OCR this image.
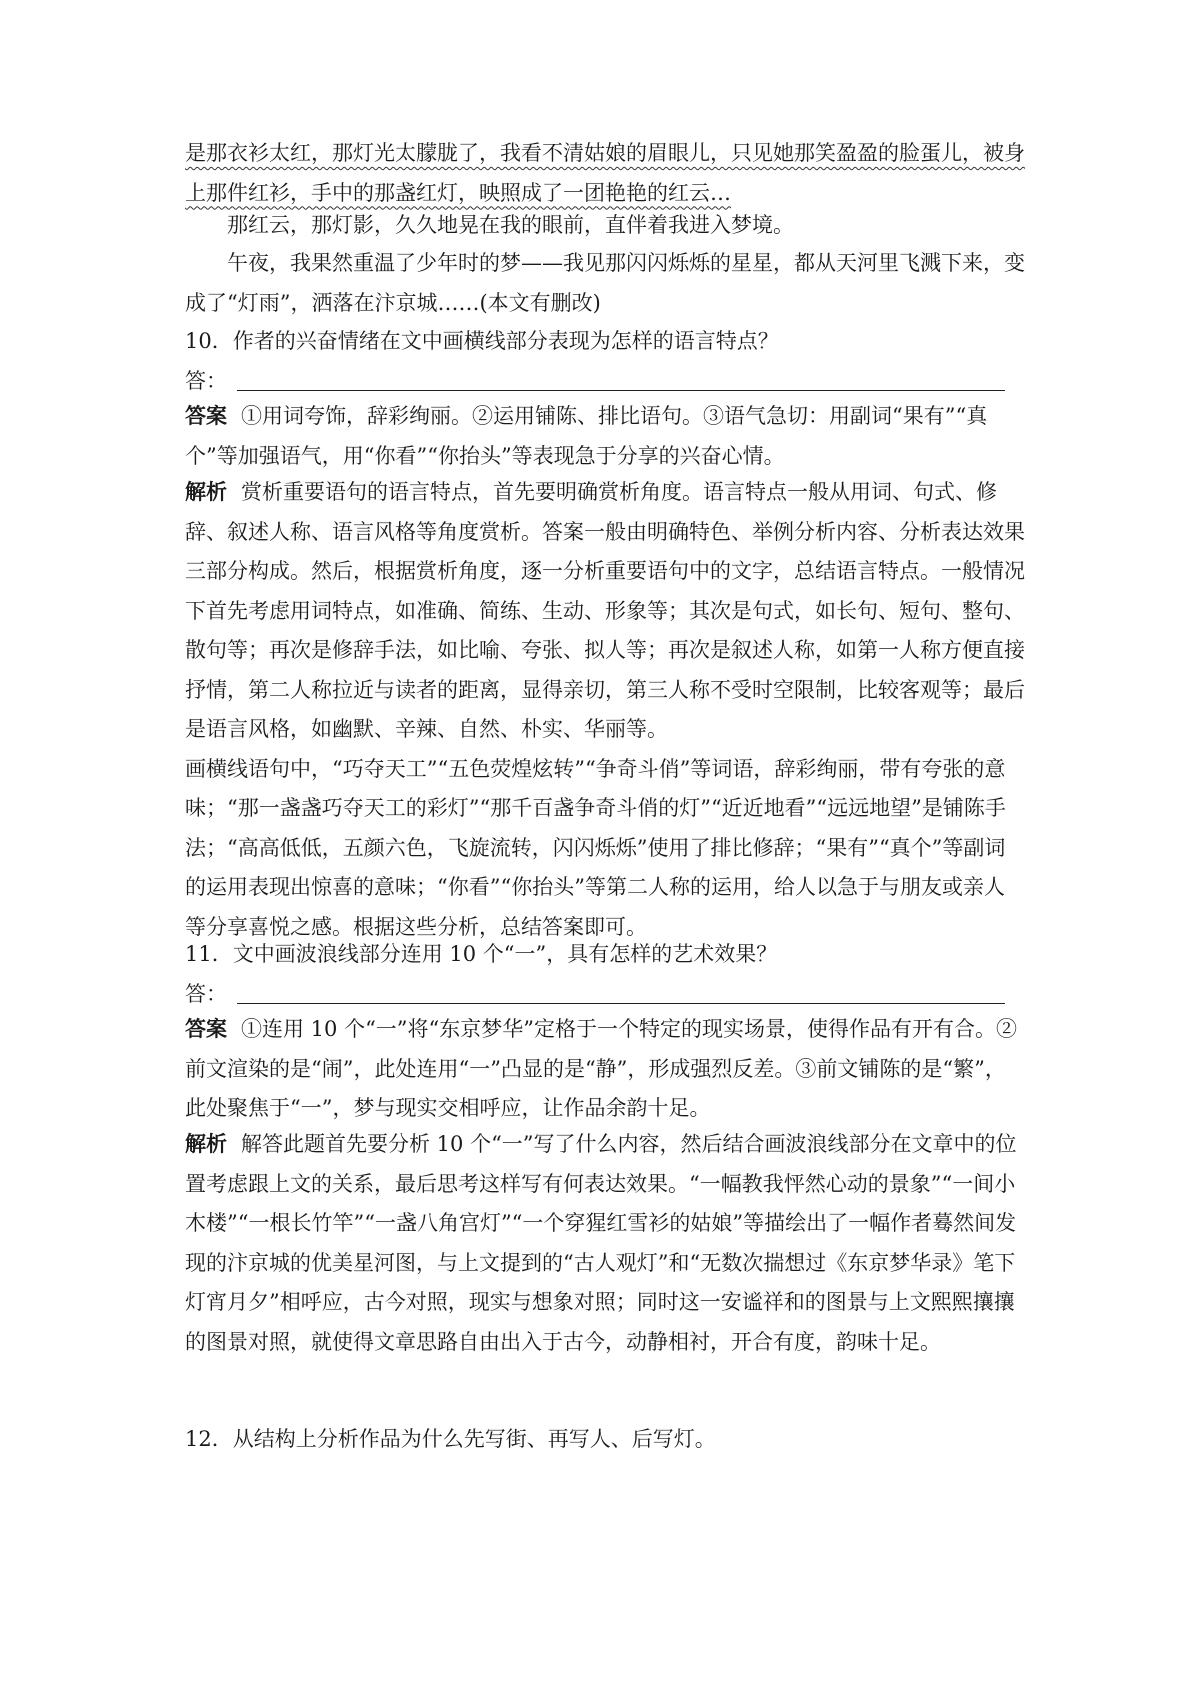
是那衣衫太红，那灯光太朦胧了，我看不清姑娘的眉眼儿，只见她那笑盈盈的脸蛋儿，被身

上那件红衫，手中的那盏红灯，映照成了一团艳艳的红云…

那红云，那灯影，久久地晃在我的眼前，直伴着我进入梦境。

午夜，我果然重温了少年时的梦——我见那闪闪烁烁的星星，都从天河里飞溅下来，变成了“灯雨”，洒落在汴京城……(本文有删改)

10．作者的兴奋情绪在文中画横线部分表现为怎样的语言特点？

答：

答案 ①用词夸饰，辞彩绚丽。②运用铺陈、排比语句。③语气急切：用副词“果有”“真个”等加强语气，用“你看”“你抬头”等表现急于分享的兴奋心情。

解析 赏析重要语句的语言特点，首先要明确赏析角度。语言特点一般从用词、句式、修辞、叙述人称、语言风格等角度赏析。答案一般由明确特色、举例分析内容、分析表达效果三部分构成。然后，根据赏析角度，逐一分析重要语句中的文字，总结语言特点。一般情况下首先考虑用词特点，如准确、简练、生动、形象等；其次是句式，如长句、短句、整句、散句等；再次是修辞手法，如比喻、夸张、拟人等；再次是叙述人称，如第一人称方便直接抒情，第二人称拉近与读者的距离，显得亲切，第三人称不受时空限制，比较客观等；最后是语言风格，如幽默、辛辣、自然、朴实、华丽等。

画横线语句中，“巧夺天工”“五色荧煌炫转”“争奇斗俏”等词语，辞彩绚丽，带有夸张的意味；“那一盏盏巧夺天工的彩灯”“那千百盏争奇斗俏的灯”“近近地看”“远远地望”是铺陈手法；“高高低低，五颜六色，飞旋流转，闪闪烁烁”使用了排比修辞；“果有”“真个”等副词的运用表现出惊喜的意味；“你看”“你抬头”等第二人称的运用，给人以急于与朋友或亲人等分享喜悦之感。根据这些分析，总结答案即可。

11．文中画波浪线部分连用 10 个“一”，具有怎样的艺术效果？

答：

答案 ①连用 10 个“一”将“东京梦华”定格于一个特定的现实场景，使得作品有开有合。②前文渲染的是“闹”，此处连用“一”凸显的是“静”，形成强烈反差。③前文铺陈的是“繁”，此处聚焦于“一”，梦与现实交相呼应，让作品余韵十足。

解析 解答此题首先要分析 10 个“一”写了什么内容，然后结合画波浪线部分在文章中的位置考虑跟上文的关系，最后思考这样写有何表达效果。“一幅教我怦然心动的景象”“一间小木楼”“一根长竹竿”“一盏八角宫灯”“一个穿猩红雪衫的姑娘”等描绘出了一幅作者蓦然间发现的汴京城的优美星河图，与上文提到的“古人观灯”和“无数次揣想过《东京梦华录》笔下灯宵月夕”相呼应，古今对照，现实与想象对照；同时这一安谧祥和的图景与上文熙熙攘攘的图景对照，就使得文章思路自由出入于古今，动静相衬，开合有度，韵味十足。

12．从结构上分析作品为什么先写街、再写人、后写灯。
